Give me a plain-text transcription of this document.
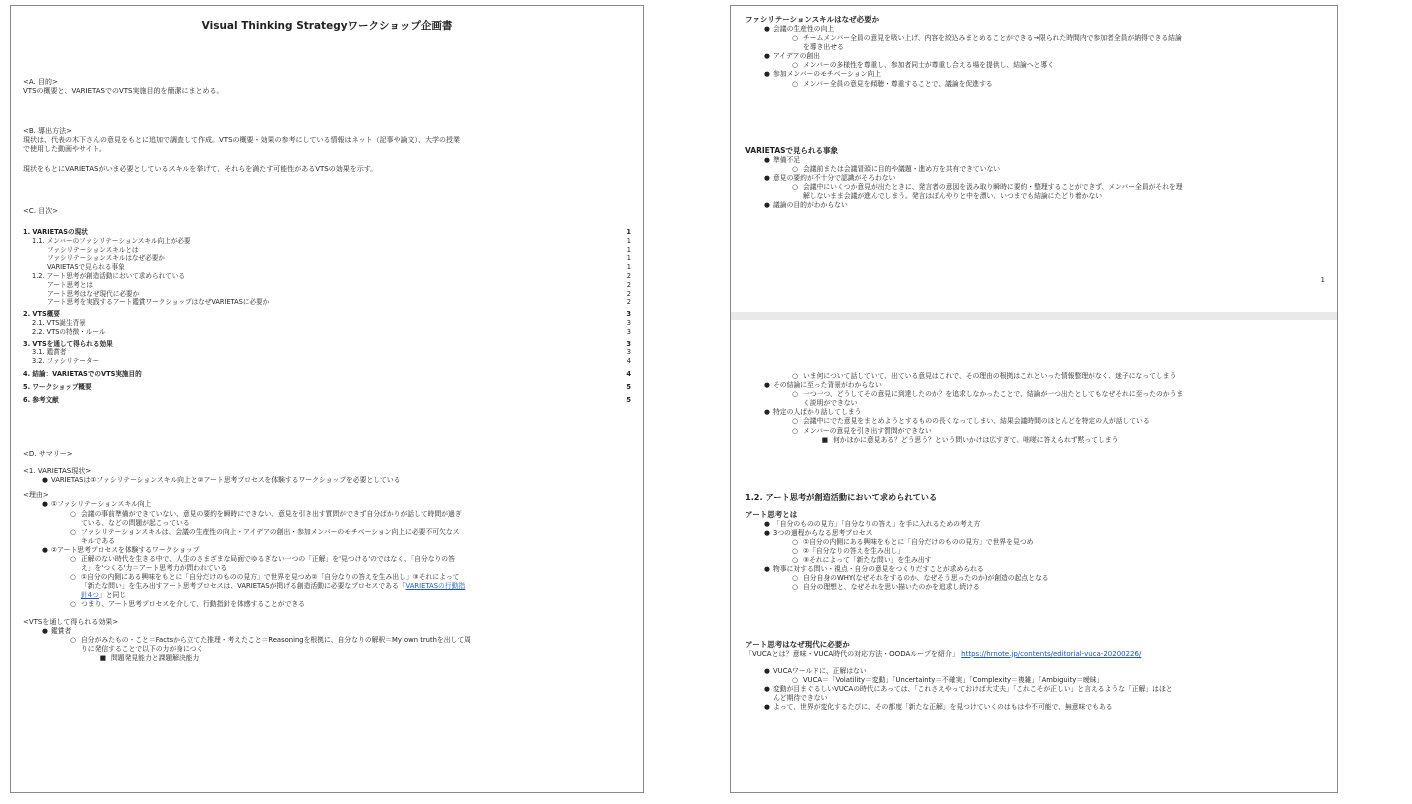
Visual Thinking Strategyワークショップ企画書
<A. 目的>

VTSの概要と、VARIETASでのVTS実施目的を簡潔にまとめる。

<B. 導出方法>

現状は、代表の木下さんの意見をもとに追加で調査して作成。VTSの概要・効果の参考にしている情報はネット（記事や論文）、大学の授業

で使用した動画やサイト。

現状をもとにVARIETASがいま必要としているスキルを挙げて、それらを満たす可能性があるVTSの効果を示す。

<C. 目次>
1. VARIETASの現状	1
1.1. メンバーのファシリテーションスキル向上が必要	1
ファシリテーションスキルとは	1
ファシリテーションスキルはなぜ必要か	1
VARIETASで見られる事象	1
1.2. アート思考が創造活動において求められている	2
アート思考とは	2
アート思考はなぜ現代に必要か	2
アート思考を実践するアート鑑賞ワークショップはなぜVARIETASに必要か	2
2. VTS概要	3
2.1. VTS誕生背景	3
2.2. VTSの特徴・ルール	3
3. VTSを通して得られる効果	3
3.1. 鑑賞者	3
3.2. ファシリテーター	4
4. 結論：VARIETASでのVTS実施目的	4
5. ワークショップ概要	5
6. 参考文献	5
<D. サマリー>
<1. VARIETAS現状>
● VARIETASは①ファシリテーションスキル向上と②アート思考プロセスを体験するワークショップを必要としている
<理由>
● ①ファシリテーションスキル向上
○ 会議の事前準備ができていない、意見の要約を瞬時にできない、意見を引き出す質問ができず自分ばかりが話して時間が過ぎ
ている、などの問題が起こっている
○ ファシリテーションスキルは、会議の生産性の向上・アイデアの創出・参加メンバーのモチベーション向上に必要不可欠なス
キルである
● ②アート思考プロセスを体験するワークショップ
○ 正解のない時代を生きる中で、人生のさまざまな局面でゆるぎない一つの「正解」を'見つける'のではなく、「自分なりの答
え」を'つくる'力＝アート思考力が問われている
○ ①自分の内側にある興味をもとに「自分だけのものの見方」で世界を見つめ②「自分なりの答えを生み出し」③それによって
「新たな問い」を生み出すアート思考プロセスは、VARIETASが掲げる創造活動に必要なプロセスである「VARIETASの行動指
針4つ」と同じ
○ つまり、アート思考プロセスを介して、行動指針を体感することができる
<VTSを通して得られる効果>
● 鑑賞者
○ 自分がみたもの・こと＝Factsから立てた推理・考えたこと＝Reasoningを根拠に、自分なりの解釈＝My own truthを出して周
りに発信することで以下の力が身につく
■ 問題発見能力と課題解決能力
ファシリテーションスキルはなぜ必要か
● 会議の生産性の向上
○ チームメンバー全員の意見を吸い上げ、内容を絞込みまとめることができる→限られた時間内で参加者全員が納得できる結論
を導き出せる
● アイデアの創出
○ メンバーの多様性を尊重し、参加者同士が尊重し合える場を提供し、結論へと導く
● 参加メンバーのモチベーション向上
○ メンバー全員の意見を傾聴・尊重することで、議論を促進する
VARIETASで見られる事象
● 準備不足
○ 会議前または会議冒頭に目的や議題・進め方を共有できていない
● 意見の要約が不十分で認識がそろわない
○ 会議中にいくつか意見が出たときに、発言者の意図を汲み取り瞬時に要約・整理することができず、メンバー全員がそれを理
解しないまま会議が進んでしまう。発言はぼんやりと中を漂い、いつまでも結論にたどり着かない
● 議論の目的がわからない
1
○ いま何について話していて、出ている意見はこれで、その理由の根拠はこれといった情報整理がなく、迷子になってしまう
● その結論に至った背景がわからない
○ 一つ一つ、どうしてその意見に到達したのか？を追求しなかったことで、結論が一つ出たとしてもなぜそれに至ったのかうま
く説明ができない
● 特定の人ばかり話してしまう
○ 会議中にでた意見をまとめようとするものの長くなってしまい、結果会議時間のほとんどを特定の人が話している
○ メンバーの意見を引き出す質問ができない
■ 何かほかに意見ある？どう思う？という問いかけは広すぎて、咄嗟に答えられず黙ってしまう
1.2. アート思考が創造活動において求められている
アート思考とは
● 「自分のものの見方」「自分なりの答え」を手に入れるための考え方
● 3つの過程からなる思考プロセス
○ ①自分の内側にある興味をもとに「自分だけのものの見方」で世界を見つめ
○ ②「自分なりの答えを生み出し」
○ ③それによって「新たな問い」を生み出す
● 物事に対する問い・視点・自分の意見をつくりだすことが求められる
○ 自分自身のWHY(なぜそれをするのか、なぜそう思ったのか)が創造の起点となる
○ 自分の理想と、なぜそれを思い描いたのかを追求し続ける
アート思考はなぜ現代に必要か

「VUCAとは？意味・VUCA時代の対応方法・OODAループを紹介」 https://hrnote.jp/contents/editorial-vuca-20200226/

● VUCAワールドに、正解はない
○ VUCA＝「Volatility＝変動」「Uncertainty＝不確実」「Complexity＝複雑」「Ambiguity＝曖昧」
● 変動が目まぐるしいVUCAの時代にあっては、「これさえやっておけば大丈夫」「これこそが正しい」と言えるような「正解」はほと
んど期待できない
● よって、世界が変化するたびに、その都度「新たな正解」を見つけていくのはもはや不可能で、無意味でもある
